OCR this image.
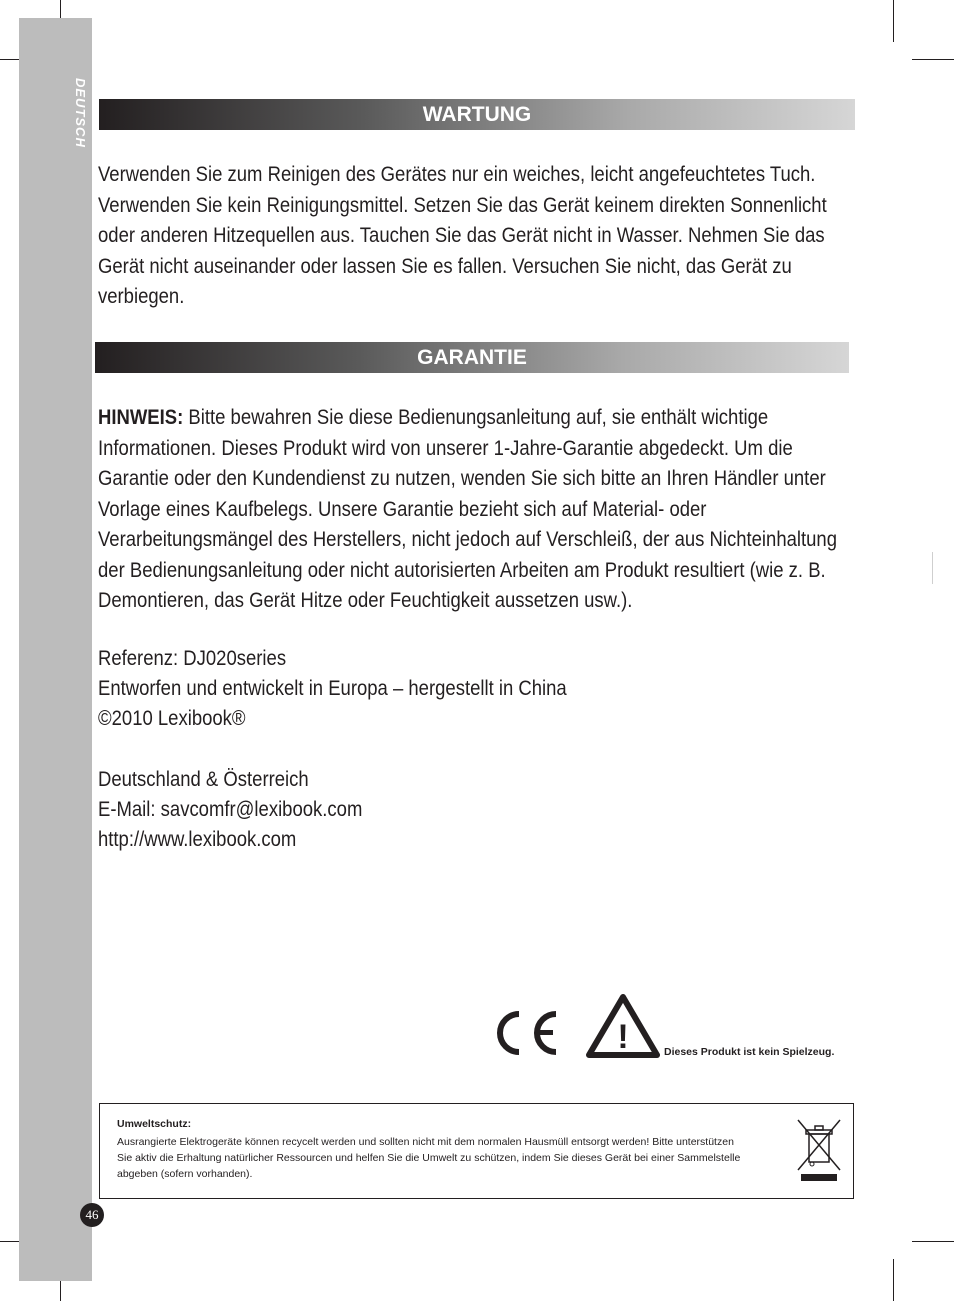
DEUTSCH	WARTUNG

Verwenden Sie zum Reinigen des Gerätes nur ein weiches, leicht angefeuchtetes Tuch. Verwenden Sie kein Reinigungsmittel. Setzen Sie das Gerät keinem direkten Sonnenlicht oder anderen Hitzequellen aus. Tauchen Sie das Gerät nicht in Wasser. Nehmen Sie das Gerät nicht auseinander oder lassen Sie es fallen. Versuchen Sie nicht, das Gerät zu verbiegen.

GARANTIE

HINWEIS: Bitte bewahren Sie diese Bedienungsanleitung auf, sie enthält wichtige Informationen. Dieses Produkt wird von unserer 1-Jahre-Garantie abgedeckt. Um die Garantie oder den Kundendienst zu nutzen, wenden Sie sich bitte an Ihren Händler unter Vorlage eines Kaufbelegs. Unsere Garantie bezieht sich auf Material- oder Verarbeitungsmängel des Herstellers, nicht jedoch auf Verschleiß, der aus Nichteinhaltung der Bedienungsanleitung oder nicht autorisierten Arbeiten am Produkt resultiert (wie z. B. Demontieren, das Gerät Hitze oder Feuchtigkeit aussetzen usw.).

Referenz: DJ020series

Entworfen und entwickelt in Europa – hergestellt in China

©2010 Lexibook®

Deutschland & Österreich

E-Mail: savcomfr@lexibook.com

http://www.lexibook.com

!	Dieses Produkt ist kein Spielzeug.
Umweltschutz:
Ausrangierte Elektrogeräte können recycelt werden und sollten nicht mit dem normalen Hausmüll entsorgt werden! Bitte unterstützen Sie aktiv die Erhaltung natürlicher Ressourcen und helfen Sie die Umwelt zu schützen, indem Sie dieses Gerät bei einer Sammelstelle abgeben (sofern vorhanden).
46
